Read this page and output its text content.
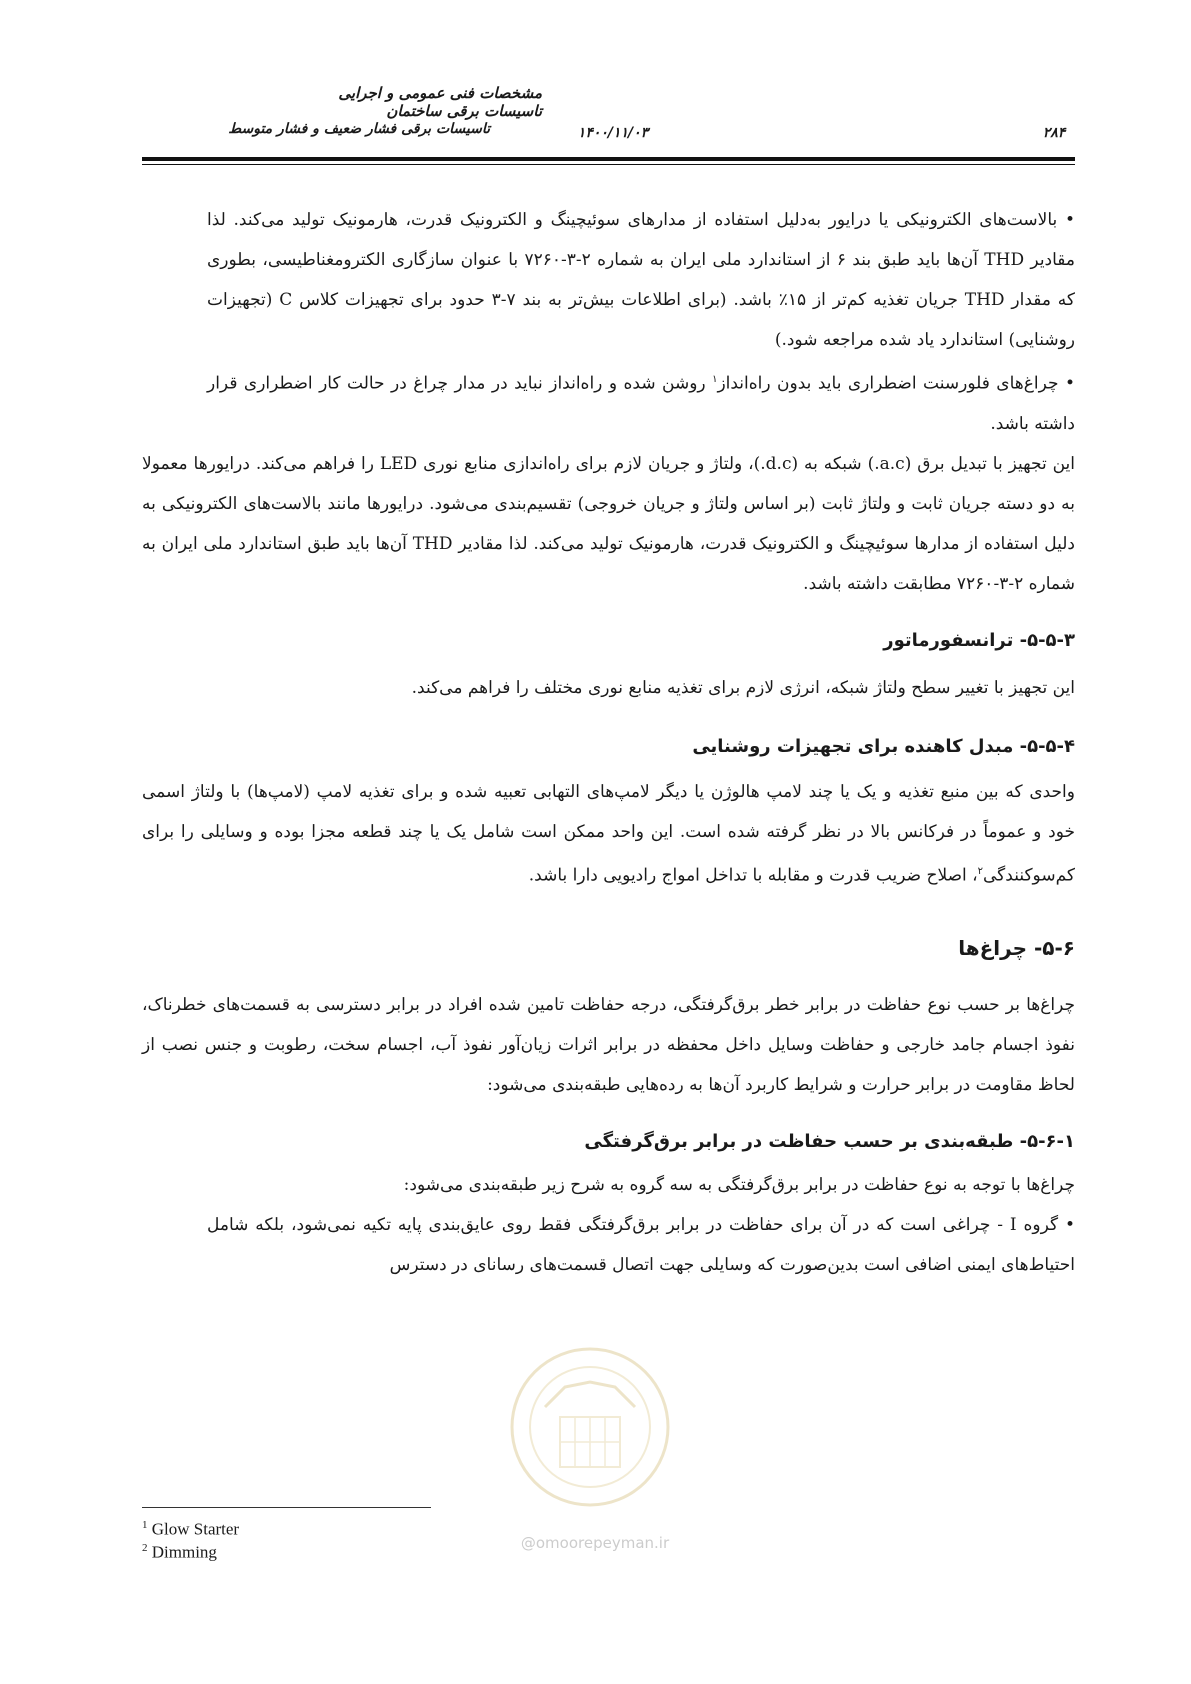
مشخصات فنی عمومی و اجرایی تاسیسات برقی ساختمان
تاسیسات برقی فشار ضعیف و فشار متوسط	۱۴۰۰/۱۱/۰۳	۲۸۴
• بالاست‌های الکترونیکی یا درایور به‌دلیل استفاده از مدارهای سوئیچینگ و الکترونیک قدرت، هارمونیک تولید می‌کند. لذا مقادیر THD آن‌ها باید طبق بند ۶ از استاندارد ملی ایران به شماره ۲-۳-۷۲۶۰ با عنوان سازگاری الکترومغناطیسی، بطوری که مقدار THD جریان تغذیه کم‌تر از ۱۵٪ باشد. (برای اطلاعات بیش‌تر به بند ۷-۳ حدود برای تجهیزات کلاس C (تجهیزات روشنایی) استاندارد یاد شده مراجعه شود.)
• چراغ‌های فلورسنت اضطراری باید بدون راه‌انداز$^۱$ روشن شده و راه‌انداز نباید در مدار چراغ در حالت کار اضطراری قرار داشته باشد.

این تجهیز با تبدیل برق (a.c.) شبکه به (d.c.)، ولتاژ و جریان لازم برای راه‌اندازی منابع نوری LED را فراهم می‌کند. درایورها معمولا به دو دسته جریان ثابت و ولتاژ ثابت (بر اساس ولتاژ و جریان خروجی) تقسیم‌بندی می‌شود. درایورها مانند بالاست‌های الکترونیکی به دلیل استفاده از مدارها سوئیچینگ و الکترونیک قدرت، هارمونیک تولید می‌کند. لذا مقادیر THD آن‌ها باید طبق استاندارد ملی ایران به شماره ۲-۳-۷۲۶۰ مطابقت داشته باشد.

۵-۵-۳- ترانسفورماتور

این تجهیز با تغییر سطح ولتاژ شبکه، انرژی لازم برای تغذیه منابع نوری مختلف را فراهم می‌کند.

۵-۵-۴- مبدل کاهنده برای تجهیزات روشنایی

واحدی که بین منبع تغذیه و یک یا چند لامپ هالوژن یا دیگر لامپ‌های التهابی تعبیه شده و برای تغذیه لامپ (لامپ‌ها) با ولتاژ اسمی خود و عموماً در فرکانس بالا در نظر گرفته شده است. این واحد ممکن است شامل یک یا چند قطعه مجزا بوده و وسایلی را برای کم‌سوکنندگی$^۲$، اصلاح ضریب قدرت و مقابله با تداخل امواج رادیویی دارا باشد.

۵-۶- چراغ‌ها

چراغ‌ها بر حسب نوع حفاظت در برابر خطر برق‌گرفتگی، درجه حفاظت تامین شده افراد در برابر دسترسی به قسمت‌های خطرناک، نفوذ اجسام جامد خارجی و حفاظت وسایل داخل محفظه در برابر اثرات زیان‌آور نفوذ آب، اجسام سخت، رطوبت و جنس نصب از لحاظ مقاومت در برابر حرارت و شرایط کاربرد آن‌ها به رده‌هایی طبقه‌بندی می‌شود:

۵-۶-۱- طبقه‌بندی بر حسب حفاظت در برابر برق‌گرفتگی

چراغ‌ها با توجه به نوع حفاظت در برابر برق‌گرفتگی به سه گروه به شرح زیر طبقه‌بندی می‌شود:

• گروه I - چراغی است که در آن برای حفاظت در برابر برق‌گرفتگی فقط روی عایق‌بندی پایه تکیه نمی‌شود، بلکه شامل احتیاط‌های ایمنی اضافی است بدین‌صورت که وسایلی جهت اتصال قسمت‌های رسانای در دسترس
$^1$ Glow Starter
$^2$ Dimming	@omoorepeyman.ir
